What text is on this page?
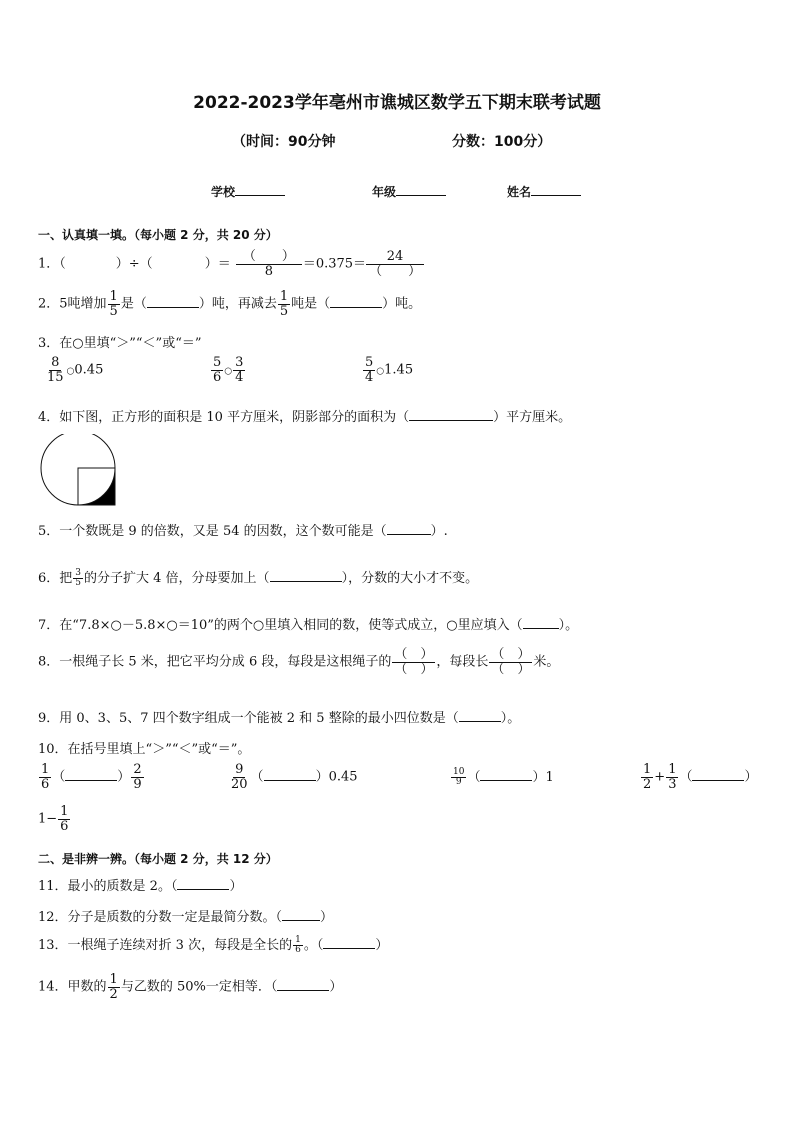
2022-2023学年亳州市谯城区数学五下期末联考试题
（时间：90分钟	分数：100分）
学校	年级	姓名
一、认真填一填。（每小题 2 分，共 20 分）
1．（	）÷（	）＝ $\frac{( )}{8} =0.375= \frac{24}{( )}$
2．5吨增加 $\frac{1}{5}$ 是（	）吨，再减去 $\frac{1}{5}$ 吨是（	）吨。
3．在○里填“＞”“＜”或“＝”
$\frac{8}{15}$ ○0.45	$\frac{5}{6}$ ○ $\frac{3}{4}$	$\frac{5}{4}$ ○1.45
4．如下图，正方形的面积是 10 平方厘米，阴影部分的面积为（	）平方厘米。
5．一个数既是 9 的倍数，又是 54 的因数，这个数可能是（	）.
6．把 $\frac{3}{5}$ 的分子扩大 4 倍，分母要加上（	），分数的大小才不变。
7．在“7.8×○－5.8×○＝10”的两个○里填入相同的数，使等式成立，○里应填入（	）。
8．一根绳子长 5 米，把它平均分成 6 段，每段是这根绳子的 $\frac{( )}{( )}$ ，每段长 $\frac{( )}{( )}$ 米。
9．用 0、3、5、7 四个数字组成一个能被 2 和 5 整除的最小四位数是（	）。
10．在括号里填上“＞”“＜”或“＝”。
$\frac{1}{6}$ （	） $\frac{2}{9}$	$\frac{9}{20}$ （	）0.45	$\frac{10}{9}$ （	）1	$\frac{1}{2} + \frac{1}{3}$ （	）
$1- \frac{1}{6}$
二、是非辨一辨。（每小题 2 分，共 12 分）
11．最小的质数是 2。（	）
12．分子是质数的分数一定是最简分数。（	）
13．一根绳子连续对折 3 次，每段是全长的 $\frac{1}{6}$ 。（	）
14．甲数的 $\frac{1}{2}$ 与乙数的 50%一定相等．（	）
